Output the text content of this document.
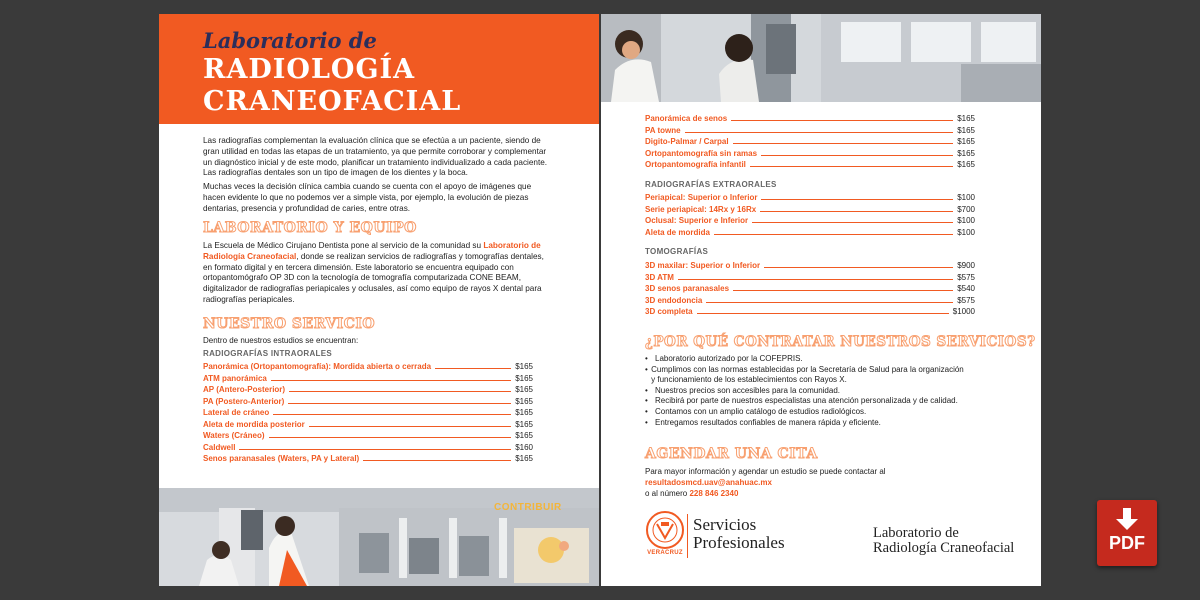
Laboratorio de
RADIOLOGÍA
CRANEOFACIAL
Las radiografías complementan la evaluación clínica que se efectúa a un paciente, siendo de gran utilidad en todas las etapas de un tratamiento, ya que permite corroborar y complementar un diagnóstico inicial y de este modo, planificar un tratamiento individualizado a cada paciente. Las radiografías dentales son un tipo de imagen de los dientes y la boca.
Muchas veces la decisión clínica cambia cuando se cuenta con el apoyo de imágenes que hacen evidente lo que no podemos ver a simple vista, por ejemplo, la evolución de piezas dentarias, presencia y profundidad de caries, entre otras.
LABORATORIO Y EQUIPO
La Escuela de Médico Cirujano Dentista pone al servicio de la comunidad su Laboratorio de Radiología Craneofacial, donde se realizan servicios de radiografías y tomografías dentales, en formato digital y en tercera dimensión. Este laboratorio se encuentra equipado con ortopantomógrafo OP 3D con la tecnología de tomografía computarizada CONE BEAM, digitalizador de radiografías periapicales y oclusales, así como equipo de rayos X dental para radiografías periapicales.
NUESTRO SERVICIO
Dentro de nuestros estudios se encuentran:
RADIOGRAFÍAS INTRAORALES
Panorámica (Ortopantomografía): Mordida abierta o cerrada	$165
ATM panorámica	$165
AP (Antero-Posterior)	$165
PA (Postero-Anterior)	$165
Lateral de cráneo	$165
Aleta de mordida posterior	$165
Waters (Cráneo)	$165
Caldwell	$160
Senos paranasales (Waters, PA y Lateral)	$165
CONTRIBUIR
Panorámica de senos	$165
PA towne	$165
Digito-Palmar / Carpal	$165
Ortopantomografía sin ramas	$165
Ortopantomografía infantil	$165
RADIOGRAFÍAS EXTRAORALES
Periapical: Superior o Inferior	$100
Serie periapical: 14Rx y 16Rx	$700
Oclusal: Superior e Inferior	$100
Aleta de mordida	$100
TOMOGRAFÍAS
3D maxilar: Superior o Inferior	$900
3D ATM	$575
3D senos paranasales	$540
3D endodoncia	$575
3D completa	$1000
¿POR QUÉ CONTRATAR NUESTROS SERVICIOS?
• Laboratorio autorizado por la COFEPRIS.
• Cumplimos con las normas establecidas por la Secretaría de Salud para la organización y funcionamiento de los establecimientos con Rayos X.
• Nuestros precios son accesibles para la comunidad.
• Recibirá por parte de nuestros especialistas una atención personalizada y de calidad.
• Contamos con un amplio catálogo de estudios radiológicos.
• Entregamos resultados confiables de manera rápida y eficiente.
AGENDAR UNA CITA
Para mayor información y agendar un estudio se puede contactar al resultadosmcd.uav@anahuac.mx
o al número 228 846 2340
VERACRUZ
Servicios
Profesionales	Laboratorio de
Radiología Craneofacial	PDF
